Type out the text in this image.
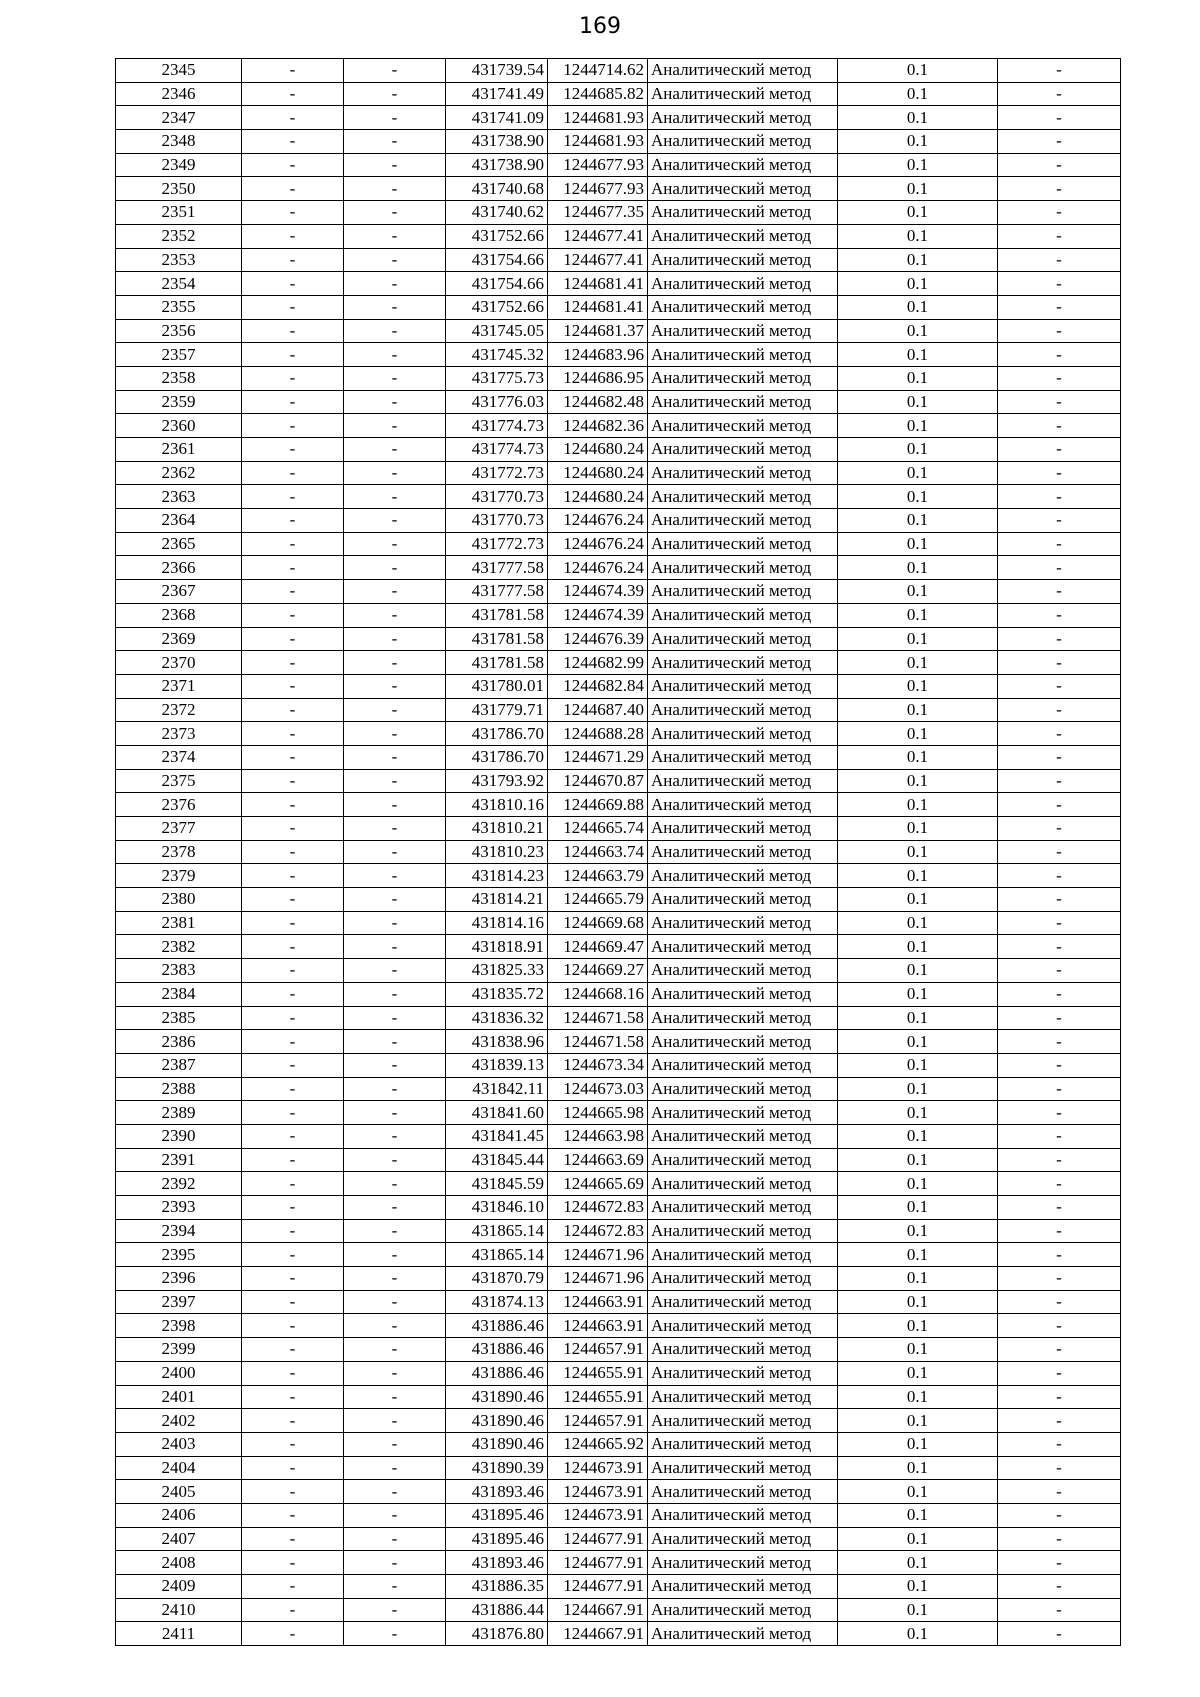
169
2345	-	-	431739.54	1244714.62	Аналитический метод	0.1	-
2346	-	-	431741.49	1244685.82	Аналитический метод	0.1	-
2347	-	-	431741.09	1244681.93	Аналитический метод	0.1	-
2348	-	-	431738.90	1244681.93	Аналитический метод	0.1	-
2349	-	-	431738.90	1244677.93	Аналитический метод	0.1	-
2350	-	-	431740.68	1244677.93	Аналитический метод	0.1	-
2351	-	-	431740.62	1244677.35	Аналитический метод	0.1	-
2352	-	-	431752.66	1244677.41	Аналитический метод	0.1	-
2353	-	-	431754.66	1244677.41	Аналитический метод	0.1	-
2354	-	-	431754.66	1244681.41	Аналитический метод	0.1	-
2355	-	-	431752.66	1244681.41	Аналитический метод	0.1	-
2356	-	-	431745.05	1244681.37	Аналитический метод	0.1	-
2357	-	-	431745.32	1244683.96	Аналитический метод	0.1	-
2358	-	-	431775.73	1244686.95	Аналитический метод	0.1	-
2359	-	-	431776.03	1244682.48	Аналитический метод	0.1	-
2360	-	-	431774.73	1244682.36	Аналитический метод	0.1	-
2361	-	-	431774.73	1244680.24	Аналитический метод	0.1	-
2362	-	-	431772.73	1244680.24	Аналитический метод	0.1	-
2363	-	-	431770.73	1244680.24	Аналитический метод	0.1	-
2364	-	-	431770.73	1244676.24	Аналитический метод	0.1	-
2365	-	-	431772.73	1244676.24	Аналитический метод	0.1	-
2366	-	-	431777.58	1244676.24	Аналитический метод	0.1	-
2367	-	-	431777.58	1244674.39	Аналитический метод	0.1	-
2368	-	-	431781.58	1244674.39	Аналитический метод	0.1	-
2369	-	-	431781.58	1244676.39	Аналитический метод	0.1	-
2370	-	-	431781.58	1244682.99	Аналитический метод	0.1	-
2371	-	-	431780.01	1244682.84	Аналитический метод	0.1	-
2372	-	-	431779.71	1244687.40	Аналитический метод	0.1	-
2373	-	-	431786.70	1244688.28	Аналитический метод	0.1	-
2374	-	-	431786.70	1244671.29	Аналитический метод	0.1	-
2375	-	-	431793.92	1244670.87	Аналитический метод	0.1	-
2376	-	-	431810.16	1244669.88	Аналитический метод	0.1	-
2377	-	-	431810.21	1244665.74	Аналитический метод	0.1	-
2378	-	-	431810.23	1244663.74	Аналитический метод	0.1	-
2379	-	-	431814.23	1244663.79	Аналитический метод	0.1	-
2380	-	-	431814.21	1244665.79	Аналитический метод	0.1	-
2381	-	-	431814.16	1244669.68	Аналитический метод	0.1	-
2382	-	-	431818.91	1244669.47	Аналитический метод	0.1	-
2383	-	-	431825.33	1244669.27	Аналитический метод	0.1	-
2384	-	-	431835.72	1244668.16	Аналитический метод	0.1	-
2385	-	-	431836.32	1244671.58	Аналитический метод	0.1	-
2386	-	-	431838.96	1244671.58	Аналитический метод	0.1	-
2387	-	-	431839.13	1244673.34	Аналитический метод	0.1	-
2388	-	-	431842.11	1244673.03	Аналитический метод	0.1	-
2389	-	-	431841.60	1244665.98	Аналитический метод	0.1	-
2390	-	-	431841.45	1244663.98	Аналитический метод	0.1	-
2391	-	-	431845.44	1244663.69	Аналитический метод	0.1	-
2392	-	-	431845.59	1244665.69	Аналитический метод	0.1	-
2393	-	-	431846.10	1244672.83	Аналитический метод	0.1	-
2394	-	-	431865.14	1244672.83	Аналитический метод	0.1	-
2395	-	-	431865.14	1244671.96	Аналитический метод	0.1	-
2396	-	-	431870.79	1244671.96	Аналитический метод	0.1	-
2397	-	-	431874.13	1244663.91	Аналитический метод	0.1	-
2398	-	-	431886.46	1244663.91	Аналитический метод	0.1	-
2399	-	-	431886.46	1244657.91	Аналитический метод	0.1	-
2400	-	-	431886.46	1244655.91	Аналитический метод	0.1	-
2401	-	-	431890.46	1244655.91	Аналитический метод	0.1	-
2402	-	-	431890.46	1244657.91	Аналитический метод	0.1	-
2403	-	-	431890.46	1244665.92	Аналитический метод	0.1	-
2404	-	-	431890.39	1244673.91	Аналитический метод	0.1	-
2405	-	-	431893.46	1244673.91	Аналитический метод	0.1	-
2406	-	-	431895.46	1244673.91	Аналитический метод	0.1	-
2407	-	-	431895.46	1244677.91	Аналитический метод	0.1	-
2408	-	-	431893.46	1244677.91	Аналитический метод	0.1	-
2409	-	-	431886.35	1244677.91	Аналитический метод	0.1	-
2410	-	-	431886.44	1244667.91	Аналитический метод	0.1	-
2411	-	-	431876.80	1244667.91	Аналитический метод	0.1	-
